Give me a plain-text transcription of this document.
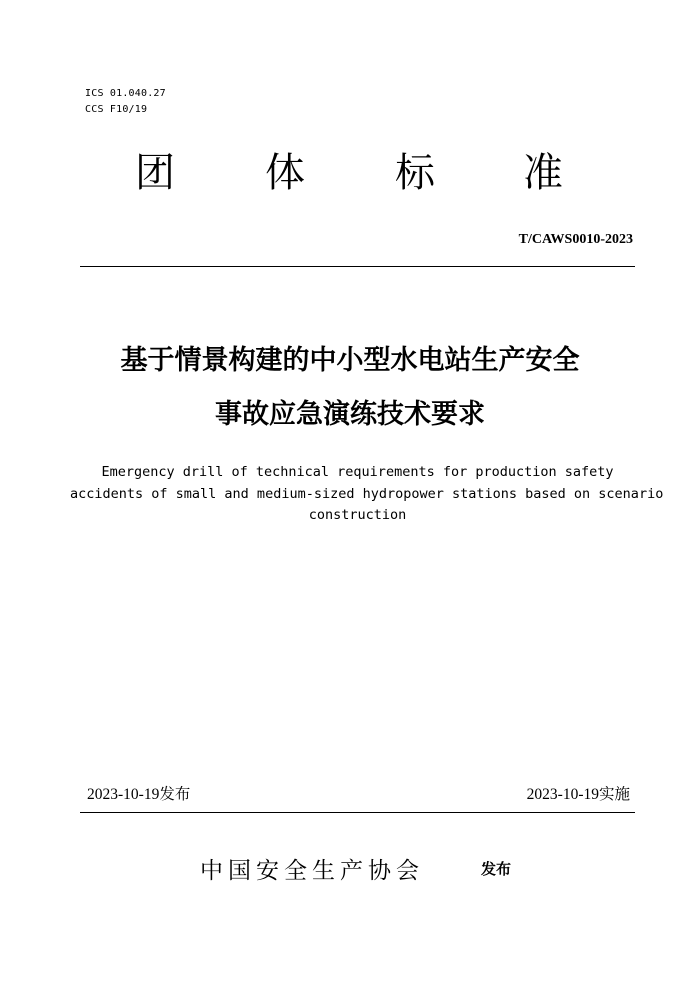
ICS 01.040.27
CCS F10/19
团 体 标 准
T/CAWS0010-2023
基于情景构建的中小型水电站生产安全
事故应急演练技术要求
Emergency drill of technical requirements for production safety
accidents of small and medium-sized hydropower stations based on scenario
construction
2023-10-19发布	2023-10-19实施
中国安全生产协会	发布
